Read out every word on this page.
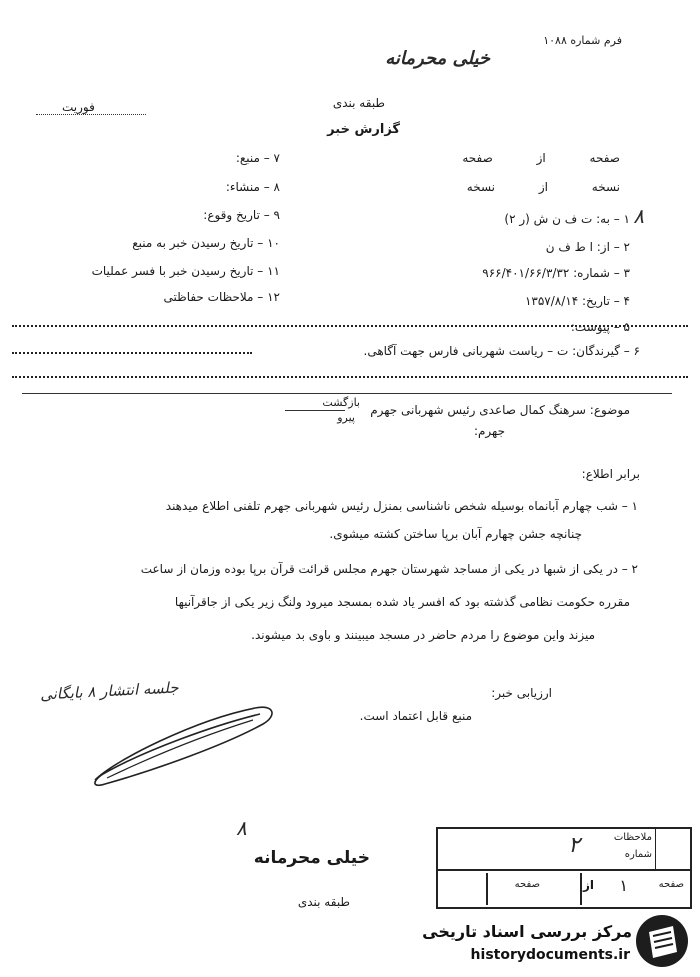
فرم شماره ۱۰۸۸
خیلی محرمانه
فوریت	طبقه بندی
گزارش خبر
صفحه از صفحه
نسخه از نسخه
۱ – به: ت ف ن ش (ر ۲)
۲ – از: ا ط ف ن
۳ – شماره: ۹۶۶/۴۰۱/۶۶/۳/۳۲
۴ – تاریخ: ۱۳۵۷/۸/۱۴
۵ – پیوست:
۶ – گیرندگان: ت – ریاست شهربانی فارس جهت آگاهی.
۸
۷ – منبع:
۸ – منشاء:
۹ – تاریخ وقوع:
۱۰ – تاریخ رسیدن خبر به منبع
۱۱ – تاریخ رسیدن خبر با فسر عملیات
۱۲ – ملاحظات حفاظتی
موضوع: سرهنگ کمال صاعدی رئیس شهربانی جهرم
بازگشت
پیرو
جهرم:
برابر اطلاع:
۱ – شب چهارم آبانماه بوسیله شخص ناشناسی بمنزل رئیس شهربانی جهرم تلفنی اطلاع میدهند
چنانچه جشن چهارم آبان برپا ساختن کشته میشوی.
۲ – در یکی از شبها در یکی از مساجد شهرستان جهرم مجلس قرائت قرآن برپا بوده وزمان از ساعت
مقرره حکومت نظامی گذشته بود که افسر یاد شده بمسجد میرود ولنگ زیر یکی از جاقرآنیها
میزند واین موضوع را مردم حاضر در مسجد میبینند و باوی بد میشوند.
ارزیابی خبر:
منبع قابل اعتماد است.
جلسه انتشار ۸ بایگانی
۸
خیلی محرمانه
طبقه بندی
ملاحظات
شماره
صفحه
۱
از
صفحه
۲
مرکز بررسی اسناد تاریخی
historydocuments.ir
